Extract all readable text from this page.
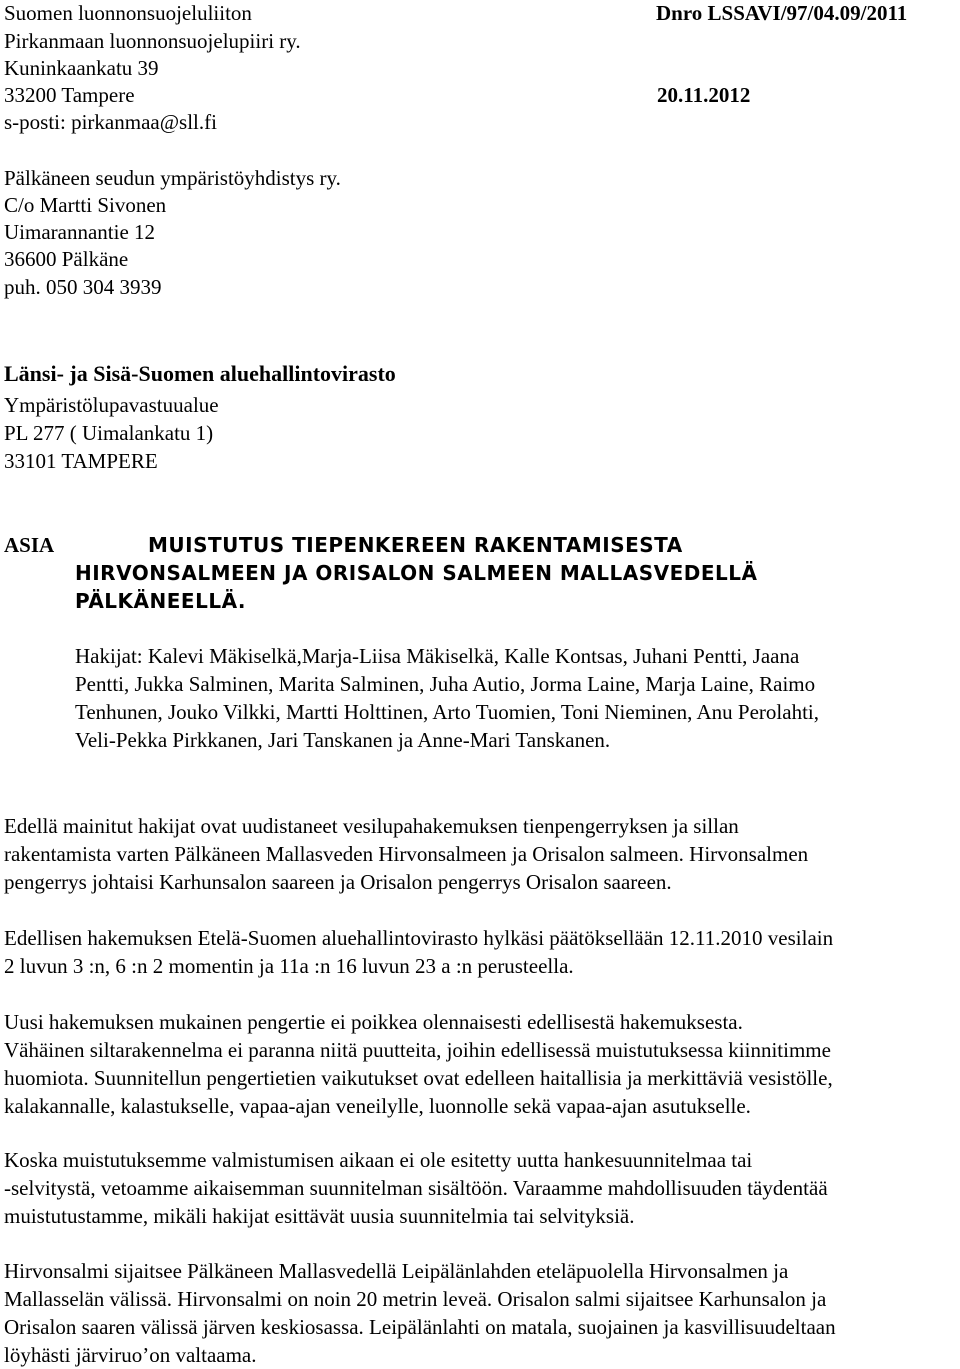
Suomen luonnonsuojeluliiton
Pirkanmaan luonnonsuojelupiiri ry.
Kuninkaankatu 39
33200 Tampere
s-posti: pirkanmaa@sll.fi
Dnro LSSAVI/97/04.09/2011
20.11.2012
Pälkäneen seudun ympäristöyhdistys ry.
C/o Martti Sivonen
Uimarannantie 12
36600 Pälkäne
puh. 050 304 3939
Länsi- ja Sisä-Suomen aluehallintovirasto
Ympäristölupavastuualue
PL 277 ( Uimalankatu 1)
33101 TAMPERE
ASIA	MUISTUTUS TIEPENKEREEN RAKENTAMISESTA
HIRVONSALMEEN JA ORISALON SALMEEN MALLASVEDELLÄ
PÄLKÄNEELLÄ.
Hakijat: Kalevi Mäkiselkä,Marja-Liisa Mäkiselkä, Kalle Kontsas, Juhani Pentti, Jaana
Pentti, Jukka Salminen, Marita Salminen, Juha Autio, Jorma Laine, Marja Laine, Raimo
Tenhunen, Jouko Vilkki, Martti Holttinen, Arto Tuomien, Toni Nieminen, Anu Perolahti,
Veli-Pekka Pirkkanen, Jari Tanskanen ja Anne-Mari Tanskanen.
Edellä mainitut hakijat ovat uudistaneet vesilupahakemuksen tienpengerryksen ja sillan
rakentamista varten Pälkäneen Mallasveden Hirvonsalmeen ja Orisalon salmeen. Hirvonsalmen
pengerrys johtaisi Karhunsalon saareen ja Orisalon pengerrys Orisalon saareen.
Edellisen hakemuksen Etelä-Suomen aluehallintovirasto hylkäsi päätöksellään 12.11.2010 vesilain
2 luvun 3 :n, 6 :n 2 momentin ja 11a :n 16 luvun 23 a :n perusteella.
Uusi hakemuksen mukainen pengertie ei poikkea olennaisesti edellisestä hakemuksesta.
Vähäinen siltarakennelma ei paranna niitä puutteita, joihin edellisessä muistutuksessa kiinnitimme
huomiota. Suunnitellun pengertietien vaikutukset ovat edelleen haitallisia ja merkittäviä vesistölle,
kalakannalle, kalastukselle, vapaa-ajan veneilylle, luonnolle sekä vapaa-ajan asutukselle.
Koska muistutuksemme valmistumisen aikaan ei ole esitetty uutta hankesuunnitelmaa tai
-selvitystä, vetoamme aikaisemman suunnitelman sisältöön. Varaamme mahdollisuuden täydentää
muistutustamme, mikäli hakijat esittävät uusia suunnitelmia tai selvityksiä.
Hirvonsalmi sijaitsee Pälkäneen Mallasvedellä Leipälänlahden eteläpuolella Hirvonsalmen ja
Mallasselän välissä. Hirvonsalmi on noin 20 metrin leveä. Orisalon salmi sijaitsee Karhunsalon ja
Orisalon saaren välissä järven keskiosassa. Leipälänlahti on matala, suojainen ja kasvillisuudeltaan
löyhästi järviruo’on valtaama.
